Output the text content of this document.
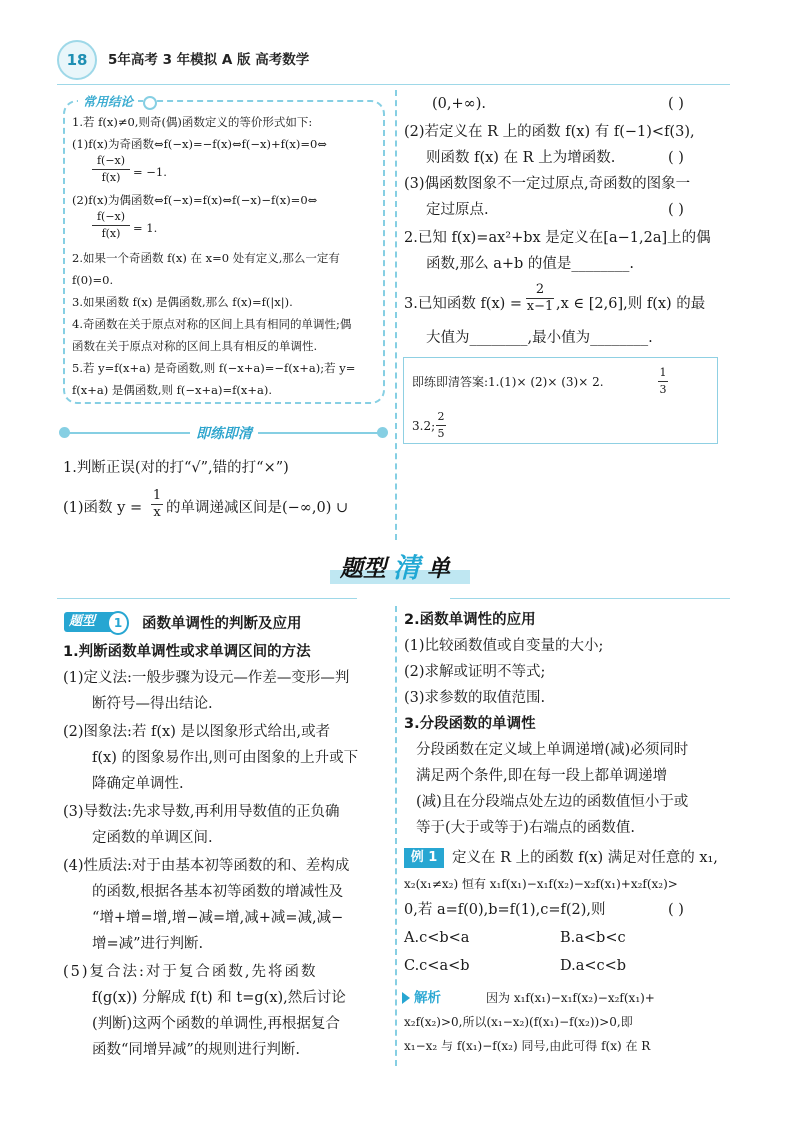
18	5年高考 3 年模拟 A 版 高考数学
常用结论
1.若 f(x)≠0,则奇(偶)函数定义的等价形式如下:
(1)f(x)为奇函数⇔f(−x)=−f(x)⇔f(−x)+f(x)=0⇔
f(−x)
f(x)	= −1.
(2)f(x)为偶函数⇔f(−x)=f(x)⇔f(−x)−f(x)=0⇔
f(−x)
f(x)	= 1.
2.如果一个奇函数 f(x) 在 x=0 处有定义,那么一定有
f(0)=0.
3.如果函数 f(x) 是偶函数,那么 f(x)=f(|x|).
4.奇函数在关于原点对称的区间上具有相同的单调性;偶
函数在关于原点对称的区间上具有相反的单调性.
5.若 y=f(x+a) 是奇函数,则 f(−x+a)=−f(x+a);若 y=
f(x+a) 是偶函数,则 f(−x+a)=f(x+a).
即练即清
1.判断正误(对的打“√”,错的打“×”)
(1)函数 y =
1
x 的单调递减区间是(−∞,0) ∪
(0,+∞).	( )
(2)若定义在 R 上的函数 f(x) 有 f(−1)<f(3),
则函数 f(x) 在 R 上为增函数.	( )
(3)偶函数图象不一定过原点,奇函数的图象一
定过原点.	( )
2.已知 f(x)=ax²+bx 是定义在[a−1,2a]上的偶
函数,那么 a+b 的值是________.
3.已知函数 f(x) =
2
x−1 ,x ∈ [2,6],则 f(x) 的最
大值为________,最小值为________.
即练即清答案:1.(1)× (2)× (3)× 2.
1
3
3.2;
2
5
题型 清 单
题型	1	函数单调性的判断及应用
1.判断函数单调性或求单调区间的方法
(1)定义法:一般步骤为设元—作差—变形—判
断符号—得出结论.
(2)图象法:若 f(x) 是以图象形式给出,或者
f(x) 的图象易作出,则可由图象的上升或下
降确定单调性.
(3)导数法:先求导数,再利用导数值的正负确
定函数的单调区间.
(4)性质法:对于由基本初等函数的和、差构成
的函数,根据各基本初等函数的增减性及
“增+增=增,增−减=增,减+减=减,减−
增=减”进行判断.
(5)复合法:对于复合函数,先将函数
f(g(x)) 分解成 f(t) 和 t=g(x),然后讨论
(判断)这两个函数的单调性,再根据复合
函数“同增异减”的规则进行判断.
2.函数单调性的应用
(1)比较函数值或自变量的大小;
(2)求解或证明不等式;
(3)求参数的取值范围.
3.分段函数的单调性
分段函数在定义域上单调递增(减)必须同时
满足两个条件,即在每一段上都单调递增
(减)且在分段端点处左边的函数值恒小于或
等于(大于或等于)右端点的函数值.
例 1	定义在 R 上的函数 f(x) 满足对任意的 x₁,
x₂(x₁≠x₂) 恒有 x₁f(x₁)−x₁f(x₂)−x₂f(x₁)+x₂f(x₂)>
0,若 a=f(0),b=f(1),c=f(2),则	( )
A.c<b<a	B.a<b<c
C.c<a<b	D.a<c<b
解析	因为 x₁f(x₁)−x₁f(x₂)−x₂f(x₁)+
x₂f(x₂)>0,所以(x₁−x₂)(f(x₁)−f(x₂))>0,即
x₁−x₂ 与 f(x₁)−f(x₂) 同号,由此可得 f(x) 在 R
